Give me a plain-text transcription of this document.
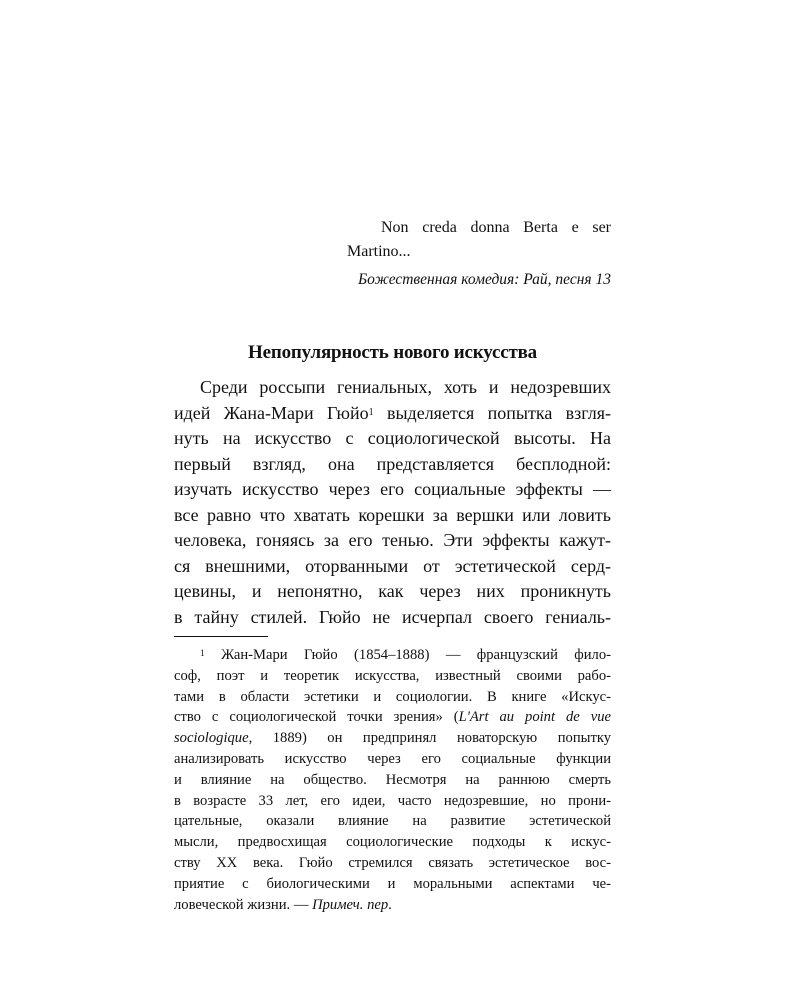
Non creda donna Berta e ser Martino...

Божественная комедия: Рай, песня 13

Непопулярность нового искусства
Среди россыпи гениальных, хоть и недозревших
идей Жана-Мари Гюйо$^1$ выделяется попытка взгля-
нуть на искусство с социологической высоты. На
первый взгляд, она представляется бесплодной:
изучать искусство через его социальные эффекты —
все равно что хватать корешки за вершки или ловить
человека, гоняясь за его тенью. Эти эффекты кажут-
ся внешними, оторванными от эстетической серд-
цевины, и непонятно, как через них проникнуть
в тайну стилей. Гюйо не исчерпал своего гениаль-
$^1$ Жан-Мари Гюйо (1854–1888) — французский фило-
соф, поэт и теоретик искусства, известный своими рабо-
тами в области эстетики и социологии. В книге «Искус-
ство с социологической точки зрения» (L'Art au point de vue
sociologique, 1889) он предпринял новаторскую попытку
анализировать искусство через его социальные функции
и влияние на общество. Несмотря на раннюю смерть
в возрасте 33 лет, его идеи, часто недозревшие, но прони-
цательные, оказали влияние на развитие эстетической
мысли, предвосхищая социологические подходы к искус-
ству XX века. Гюйо стремился связать эстетическое вос-
приятие с биологическими и моральными аспектами че-
ловеческой жизни. — Примеч. пер.
